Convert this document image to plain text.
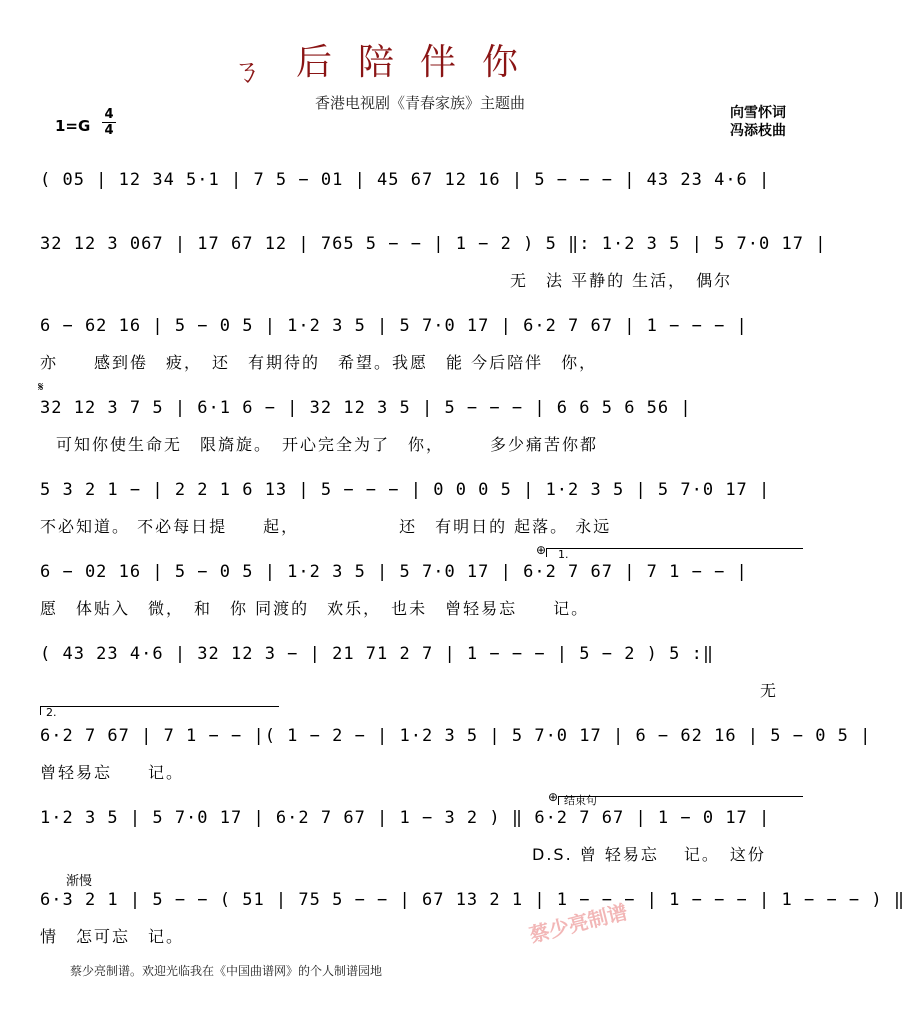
ㄋ 后陪伴你
香港电视剧《青春家族》主题曲
向雪怀词
冯添枝曲
1=G
4
4
( 05 | 12 34 5·1 | 7 5 − 01 | 45 67 12 16 | 5 − − − | 43 23 4·6 |
32 12 3 067 | 17 67 12 | 765 5 − − | 1 − 2 ) 5 ‖: 1·2 3 5 | 5 7·0 17 |
无　法 平静的 生活，　偶尔
6 − 62 16 | 5 − 0 5 | 1·2 3 5 | 5 7·0 17 | 6·2 7 67 | 1 − − − |
亦　　感到倦　疲，　还　有期待的　希望。我愿　能 今后陪伴　你，
𝄋
32 12 3 7 5 | 6·1 6 − | 32 12 3 5 | 5 − − − | 6 6 5 6 56 |
可知你使生命无　限旖旋。　开心完全为了　你，　　　多少痛苦你都
5 3 2 1 − | 2 2 1 6 13 | 5 − − − | 0 0 0 5 | 1·2 3 5 | 5 7·0 17 |
不必知道。 不必每日提　　起，　　　　　　还　有明日的 起落。 永远
⊕ 1.
6 − 02 16 | 5 − 0 5 | 1·2 3 5 | 5 7·0 17 | 6·2 7 67 | 7 1 − − |
愿　体贴入　微，　和　你 同渡的　欢乐，　也未　曾轻易忘　　记。
( 43 23 4·6 | 32 12 3 − | 21 71 2 7 | 1 − − − | 5 − 2 ) 5 :‖
无
2.
6·2 7 67 | 7 1 − − |( 1 − 2 − | 1·2 3 5 | 5 7·0 17 | 6 − 62 16 | 5 − 0 5 |
曾轻易忘　　记。
⊕ 结束句
1·2 3 5 | 5 7·0 17 | 6·2 7 67 | 1 − 3 2 ) ‖ 6·2 7 67 | 1 − 0 17 |
D.S. 曾 轻易忘　 记。　这份
渐慢
6·3 2 1 | 5 − − ( 51 | 75 5 − − | 67 13 2 1 | 1 − − − | 1 − − − | 1 − − − ) ‖
情　怎可忘　记。	蔡少亮制谱
蔡少亮制谱。欢迎光临我在《中国曲谱网》的个人制谱园地
